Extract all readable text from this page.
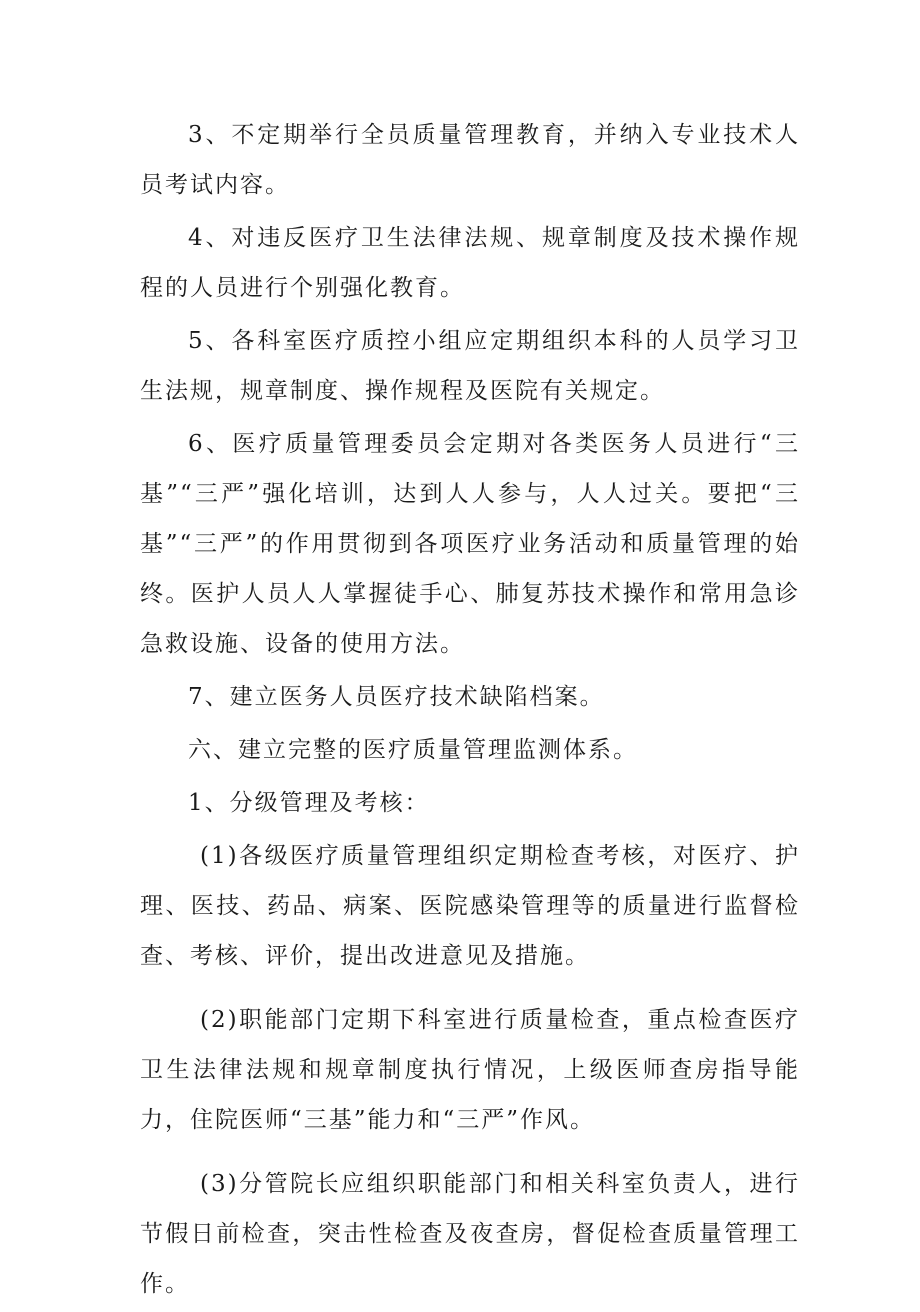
3、不定期举行全员质量管理教育，并纳入专业技术人员考试内容。

4、对违反医疗卫生法律法规、规章制度及技术操作规程的人员进行个别强化教育。

5、各科室医疗质控小组应定期组织本科的人员学习卫生法规，规章制度、操作规程及医院有关规定。

6、医疗质量管理委员会定期对各类医务人员进行“三基”“三严”强化培训，达到人人参与，人人过关。要把“三基”“三严”的作用贯彻到各项医疗业务活动和质量管理的始终。医护人员人人掌握徒手心、肺复苏技术操作和常用急诊急救设施、设备的使用方法。

7、建立医务人员医疗技术缺陷档案。

六、建立完整的医疗质量管理监测体系。

1、分级管理及考核：

(1)各级医疗质量管理组织定期检查考核，对医疗、护理、医技、药品、病案、医院感染管理等的质量进行监督检查、考核、评价，提出改进意见及措施。

(2)职能部门定期下科室进行质量检查，重点检查医疗卫生法律法规和规章制度执行情况，上级医师查房指导能力，住院医师“三基”能力和“三严”作风。

(3)分管院长应组织职能部门和相关科室负责人，进行节假日前检查，突击性检查及夜查房，督促检查质量管理工作。
